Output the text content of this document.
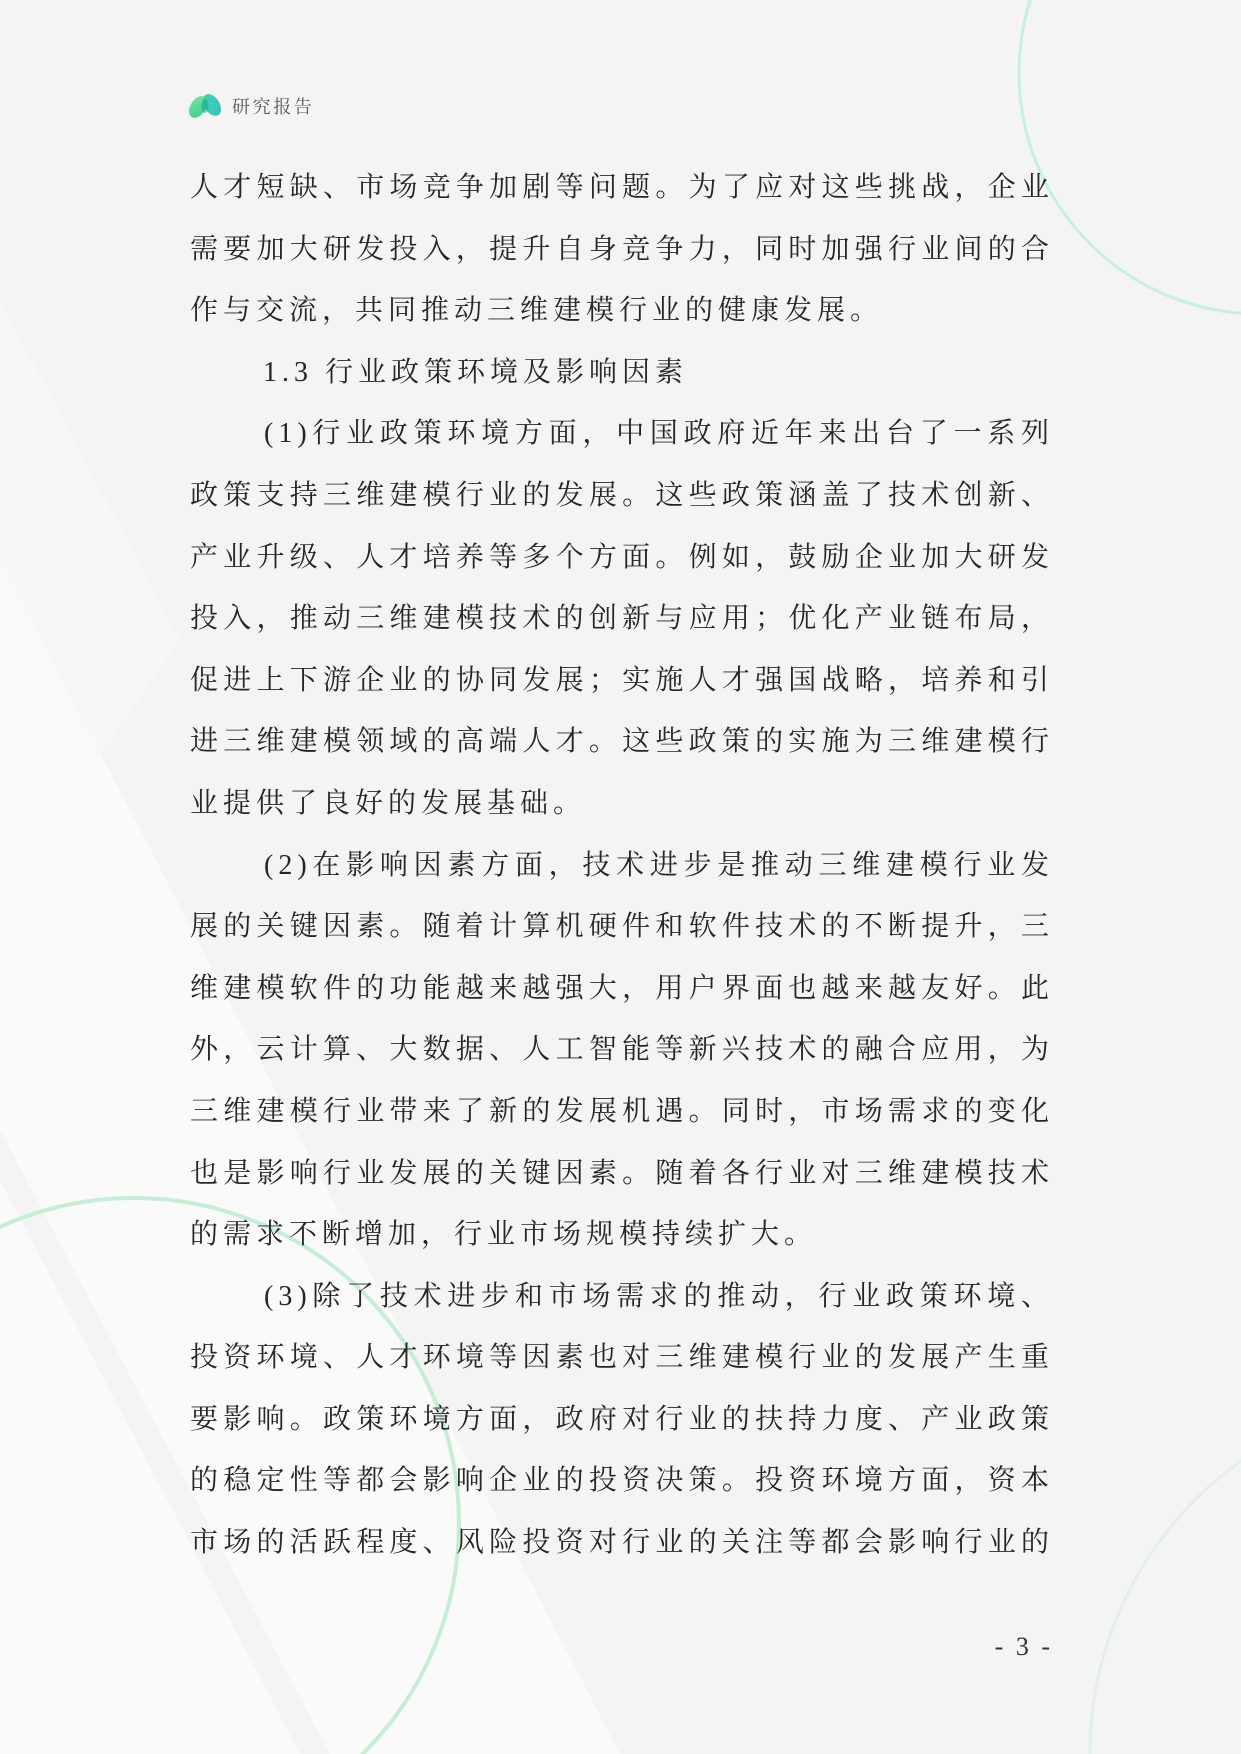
研究报告
人才短缺、市场竞争加剧等问题。为了应对这些挑战，企业
需要加大研发投入，提升自身竞争力，同时加强行业间的合
作与交流，共同推动三维建模行业的健康发展。
1.3 行业政策环境及影响因素
(1)行业政策环境方面，中国政府近年来出台了一系列
政策支持三维建模行业的发展。这些政策涵盖了技术创新、
产业升级、人才培养等多个方面。例如，鼓励企业加大研发
投入，推动三维建模技术的创新与应用；优化产业链布局，
促进上下游企业的协同发展；实施人才强国战略，培养和引
进三维建模领域的高端人才。这些政策的实施为三维建模行
业提供了良好的发展基础。
(2)在影响因素方面，技术进步是推动三维建模行业发
展的关键因素。随着计算机硬件和软件技术的不断提升，三
维建模软件的功能越来越强大，用户界面也越来越友好。此
外，云计算、大数据、人工智能等新兴技术的融合应用，为
三维建模行业带来了新的发展机遇。同时，市场需求的变化
也是影响行业发展的关键因素。随着各行业对三维建模技术
的需求不断增加，行业市场规模持续扩大。
(3)除了技术进步和市场需求的推动，行业政策环境、
投资环境、人才环境等因素也对三维建模行业的发展产生重
要影响。政策环境方面，政府对行业的扶持力度、产业政策
的稳定性等都会影响企业的投资决策。投资环境方面，资本
市场的活跃程度、风险投资对行业的关注等都会影响行业的
- 3 -
